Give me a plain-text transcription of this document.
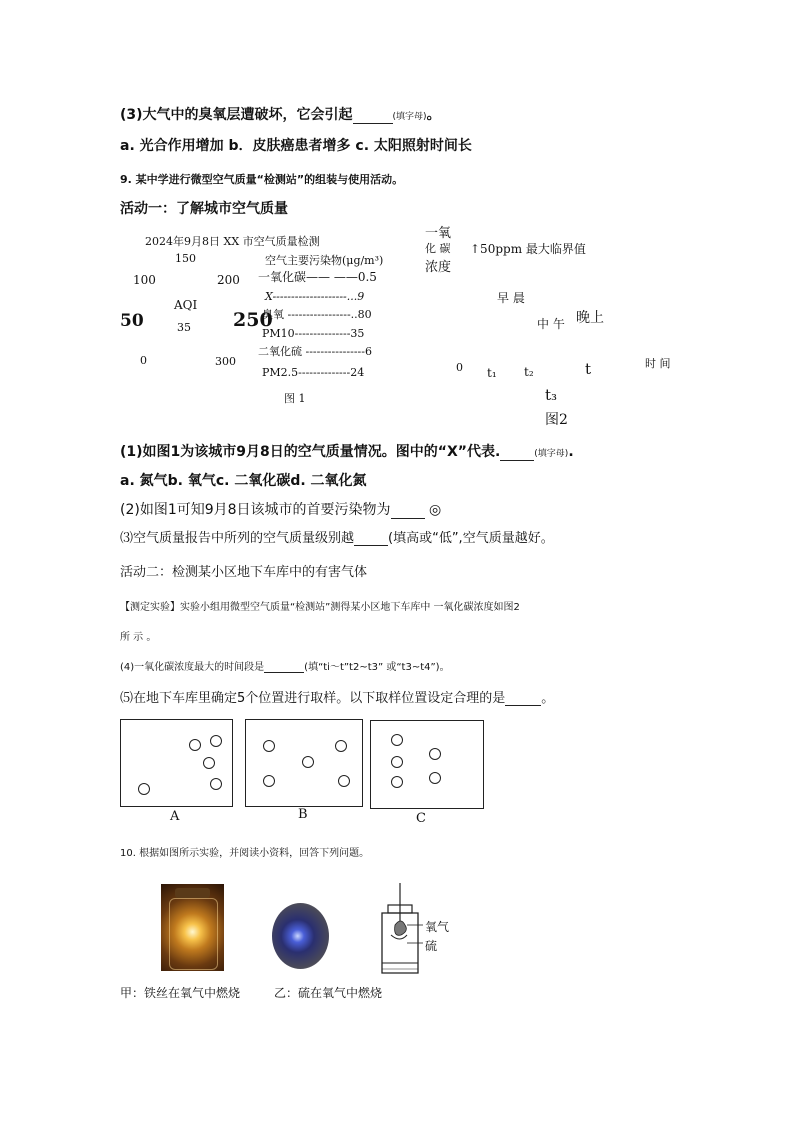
(3)大气中的臭氧层遭破坏，它会引起	(填字母)。
a. 光合作用增加 b．皮肤癌患者增多 c. 太阳照射时间长
9. 某中学进行微型空气质量“检测站”的组装与使用活动。
活动一：了解城市空气质量
2024年9月8日 XX 市空气质量检测
150
100	200
AQI
50	250
35
0	300
空气主要污染物(μg/m³)
一氧化碳—— ——0.5
X--------------------...9
臭氧 -----------------..80
PM10---------------35
二氧化硫 ----------------6
PM2.5--------------24
图 1
一氧
化 碳 ↑50ppm 最大临界值
浓度
早 晨
中 午 晚上
0 t₁ t₂	t	时 间
t₃
图2
(1)如图1为该城市9月8日的空气质量情况。图中的“X”代表.	(填字母).
a. 氮气b. 氧气c. 二氧化碳d. 二氧化氮
(2)如图1可知9月8日该城市的首要污染物为 ◎
⑶空气质量报告中所列的空气质量级别越	(填高或“低”,空气质量越好。
活动二：检测某小区地下车库中的有害气体
【测定实验】实验小组用微型空气质量“检测站”测得某小区地下车库中 一氧化碳浓度如图2
所 示 。
(4)一氧化碳浓度最大的时间段是	(填“ti～t”t2~t3” 或“t3~t4”)。
⑸在地下车库里确定5个位置进行取样。以下取样位置设定合理的是	。
A	B	C
10. 根据如图所示实验，并阅读小资料，回答下列问题。
氧气
硫
甲：铁丝在氧气中燃烧	乙：硫在氧气中燃烧
